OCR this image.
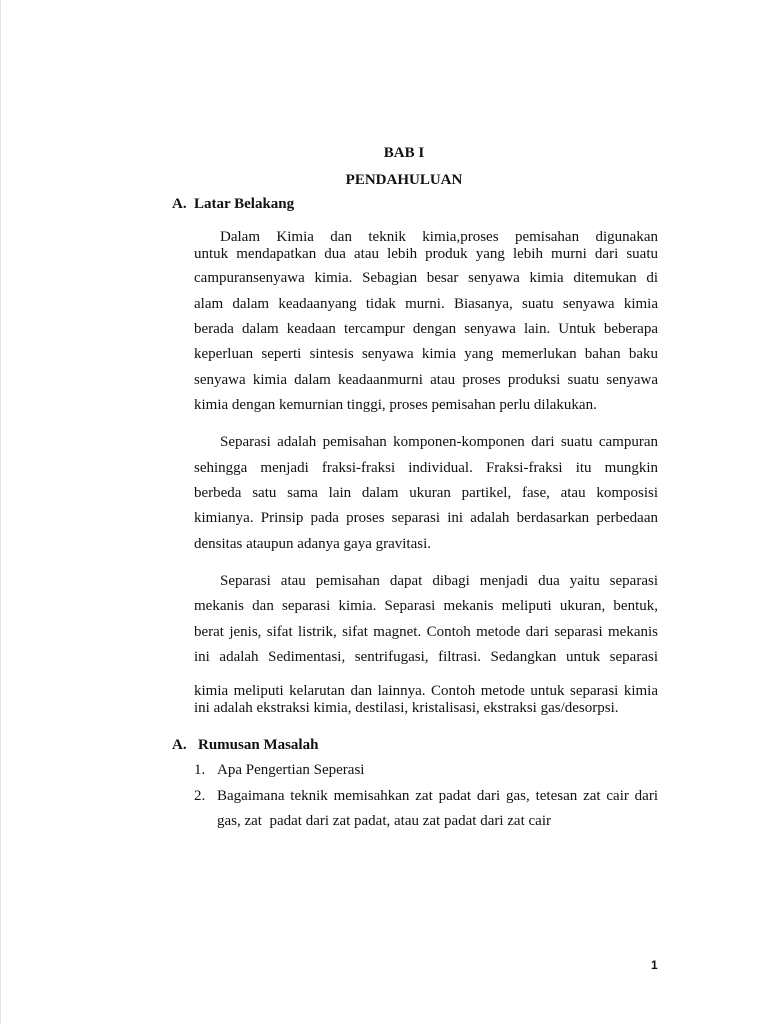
BAB I

PENDAHULUAN

A. Latar Belakang

Dalam Kimia dan teknik kimia,proses pemisahan digunakan

untuk mendapatkan dua atau lebih produk yang lebih murni dari suatu

campuransenyawa kimia. Sebagian besar senyawa kimia ditemukan di

alam dalam keadaanyang tidak murni. Biasanya, suatu senyawa kimia

berada dalam keadaan tercampur dengan senyawa lain. Untuk beberapa

keperluan seperti sintesis senyawa kimia yang memerlukan bahan baku

senyawa kimia dalam keadaanmurni atau proses produksi suatu senyawa

kimia dengan kemurnian tinggi, proses pemisahan perlu dilakukan.

Separasi adalah pemisahan komponen-komponen dari suatu campuran

sehingga menjadi fraksi-fraksi individual. Fraksi-fraksi itu mungkin

berbeda satu sama lain dalam ukuran partikel, fase, atau komposisi

kimianya. Prinsip pada proses separasi ini adalah berdasarkan perbedaan

densitas ataupun adanya gaya gravitasi.

Separasi atau pemisahan dapat dibagi menjadi dua yaitu separasi

mekanis dan separasi kimia. Separasi mekanis meliputi ukuran, bentuk,

berat jenis, sifat listrik, sifat magnet. Contoh metode dari separasi mekanis

ini adalah Sedimentasi, sentrifugasi, filtrasi. Sedangkan untuk separasi

kimia meliputi kelarutan dan lainnya. Contoh metode untuk separasi kimia

ini adalah ekstraksi kimia, destilasi, kristalisasi, ekstraksi gas/desorpsi.

A. Rumusan Masalah
1. Apa Pengertian Seperasi

2. Bagaimana teknik memisahkan zat padat dari gas, tetesan zat cair dari

gas, zat  padat dari zat padat, atau zat padat dari zat cair

1
